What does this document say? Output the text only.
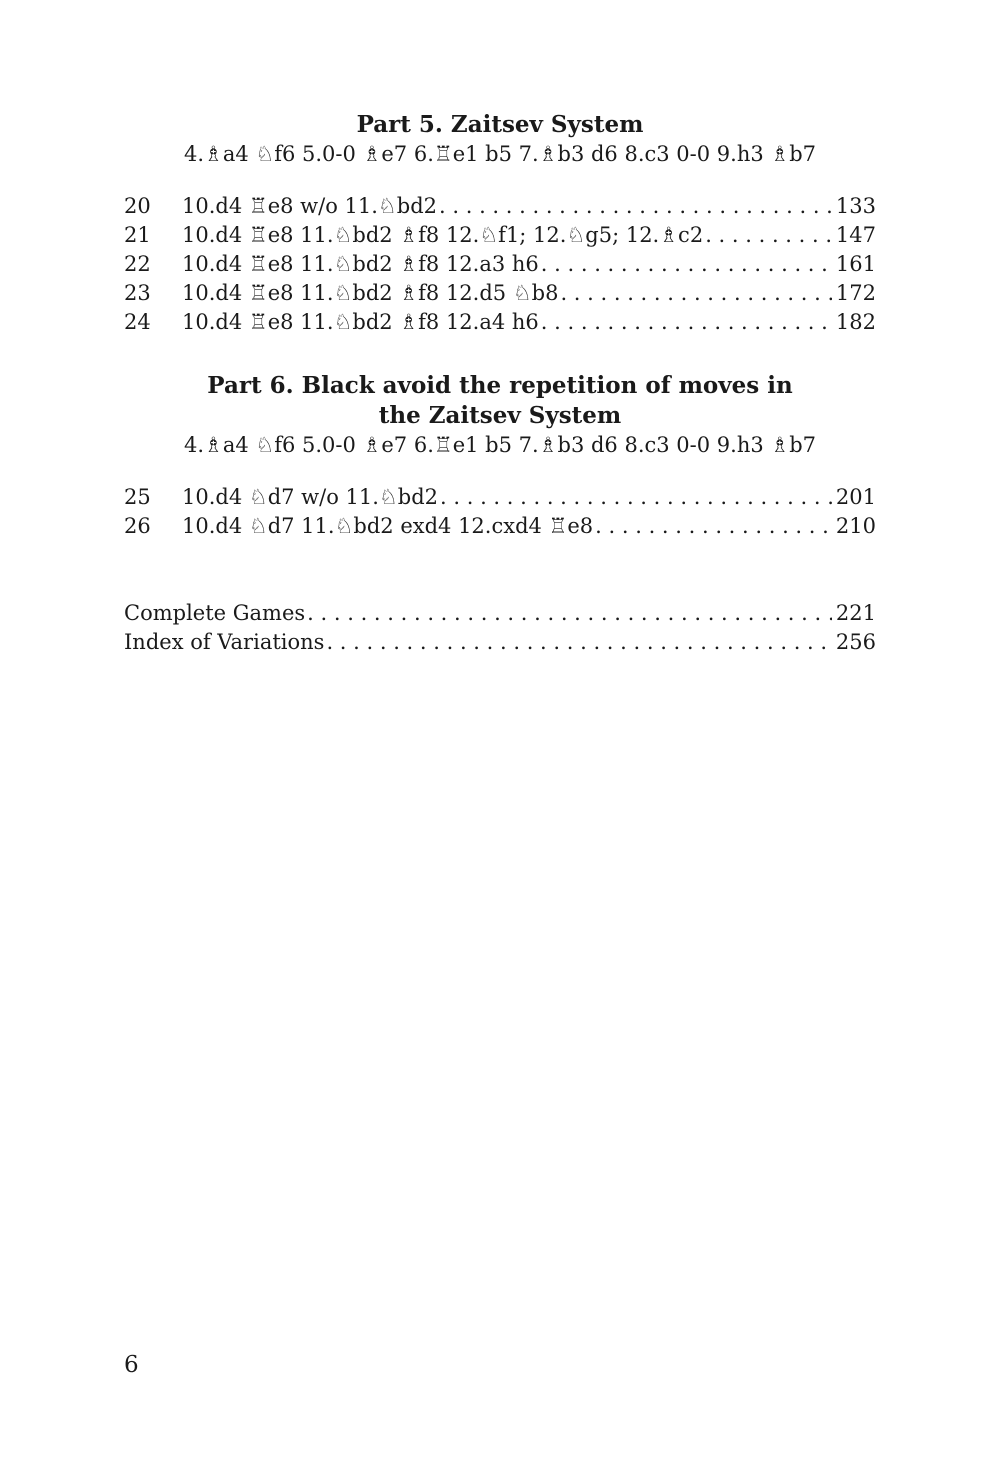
Part 5. Zaitsev System

4.♗a4 ♘f6 5.0-0 ♗e7 6.♖e1 b5 7.♗b3 d6 8.c3 0-0 9.h3 ♗b7

20	10.d4 ♖e8 w/o 11.♘bd2 . . .	133
21	10.d4 ♖e8 11.♘bd2 ♗f8 12.♘f1; 12.♘g5; 12.♗c2 . . .	147
22	10.d4 ♖e8 11.♘bd2 ♗f8 12.a3 h6 . . .	161
23	10.d4 ♖e8 11.♘bd2 ♗f8 12.d5 ♘b8 . . .	172
24	10.d4 ♖e8 11.♘bd2 ♗f8 12.a4 h6 . . .	182
Part 6. Black avoid the repetition of moves in the Zaitsev System

4.♗a4 ♘f6 5.0-0 ♗e7 6.♖e1 b5 7.♗b3 d6 8.c3 0-0 9.h3 ♗b7

25	10.d4 ♘d7 w/o 11.♘bd2 . . .	201
26	10.d4 ♘d7 11.♘bd2 exd4 12.cxd4 ♖e8 . . .	210
Complete Games . . .	221
Index of Variations . . .	256
6
